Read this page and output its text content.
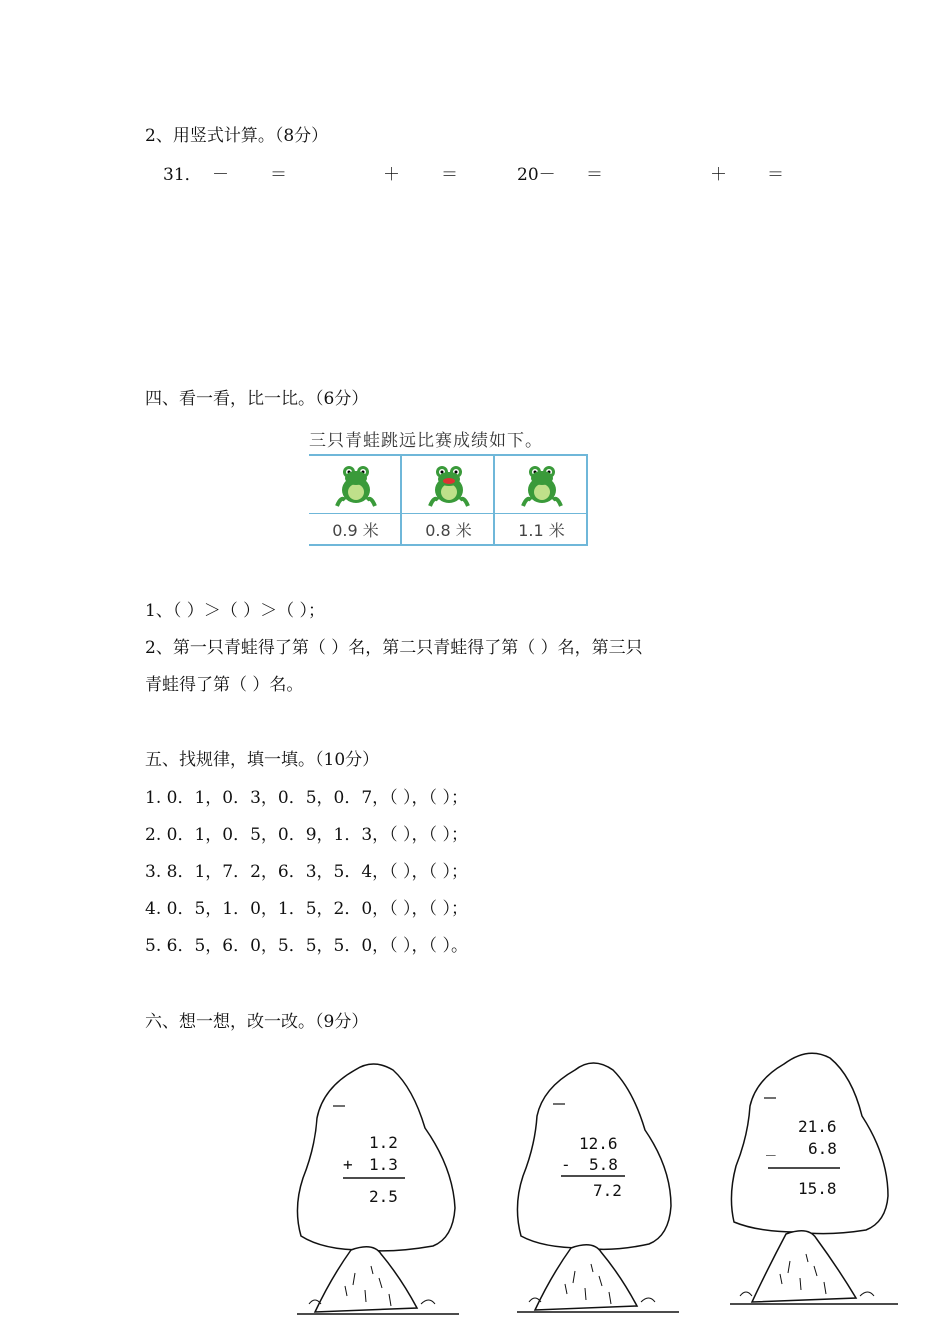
2、用竖式计算。（8分）
31． － ＝	＋ ＝	20－ ＝	＋ ＝
四、看一看，比一比。（6分）
三只青蛙跳远比赛成绩如下。
0.9 米	0.8 米	1.1 米
1、（ ）＞（ ）＞（ ）；
2、第一只青蛙得了第（ ）名，第二只青蛙得了第（ ）名，第三只
青蛙得了第（ ）名。
五、找规律，填一填。（10分）
1. 0．1，0．3，0．5，0．7，（ ），（ ）；
2. 0．1，0．5，0．9，1．3，（ ），（ ）；
3. 8．1，7．2，6．3，5．4，（ ），（ ）；
4. 0．5，1．0，1．5，2．0，（ ），（ ）；
5. 6．5，6．0，5．5，5．0，（ ），（ ）。
六、想一想，改一改。（9分）
1.2
+ 1.3
2.5
12.6
- 5.8
7.2
21.6
_ 6.8
15.8
